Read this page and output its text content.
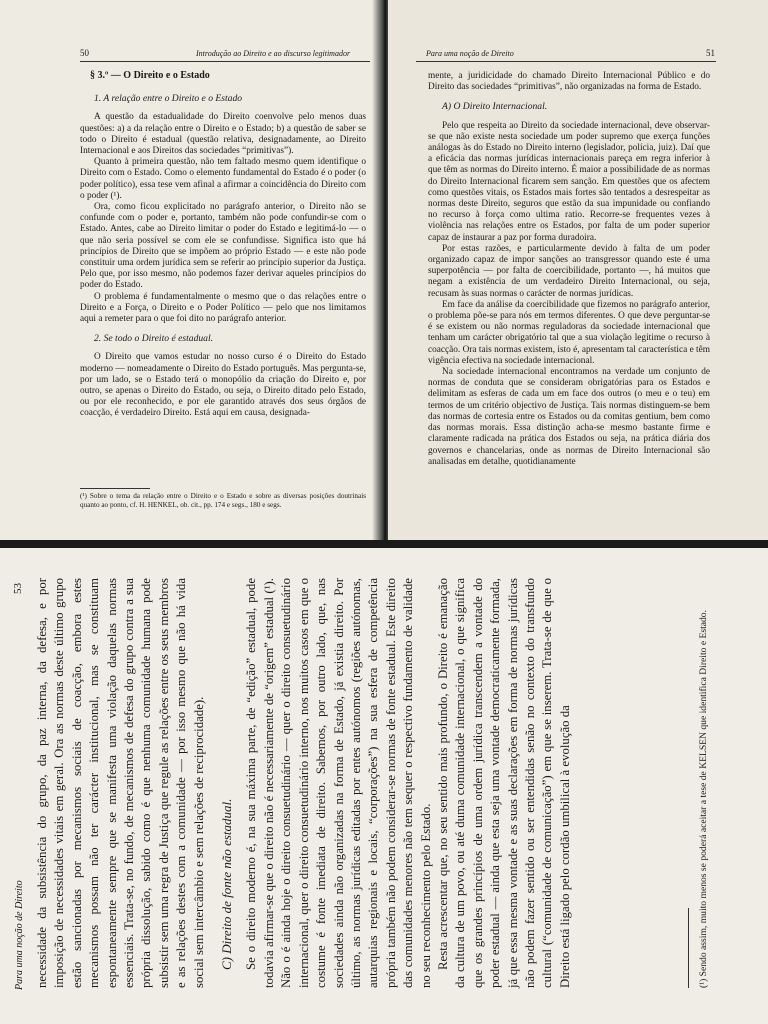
50	Introdução ao Direito e ao discurso legitimador
§ 3.º — O Direito e o Estado
1. A relação entre o Direito e o Estado

A questão da estadualidade do Direito coenvolve pelo menos duas questões: a) a da relação entre o Direito e o Estado; b) a questão de saber se todo o Direito é estadual (questão relativa, designadamente, ao Direito Internacional e aos Direitos das sociedades “primitivas”).

Quanto à primeira questão, não tem faltado mesmo quem identifique o Direito com o Estado. Como o elemento fundamental do Estado é o poder (o poder político), essa tese vem afinal a afirmar a coincidência do Direito com o poder (¹).

Ora, como ficou explicitado no parágrafo anterior, o Direito não se confunde com o poder e, portanto, também não pode confundir-se com o Estado. Antes, cabe ao Direito limitar o poder do Estado e legitimá-lo — o que não seria possível se com ele se confundisse. Significa isto que há princípios de Direito que se impõem ao próprio Estado — e este não pode constituir uma ordem jurídica sem se referir ao princípio superior da Justiça. Pelo que, por isso mesmo, não podemos fazer derivar aqueles princípios do poder do Estado.

O problema é fundamentalmente o mesmo que o das relações entre o Direito e a Força, o Direito e o Poder Político — pelo que nos limitamos aqui a remeter para o que foi dito no parágrafo anterior.

2. Se todo o Direito é estadual.

O Direito que vamos estudar no nosso curso é o Direito do Estado moderno — nomeadamente o Direito do Estado português. Mas pergunta-se, por um lado, se o Estado terá o monopólio da criação do Direito e, por outro, se apenas o Direito do Estado, ou seja, o Direito ditado pelo Estado, ou por ele reconhecido, e por ele garantido através dos seus órgãos de coacção, é verdadeiro Direito. Está aqui em causa, designada-

(¹) Sobre o tema da relação entre o Direito e o Estado e sobre as diversas posições doutrinais quanto ao ponto, cf. H. HENKEL, ob. cit., pp. 174 e segs., 180 e segs.
Para uma noção de Direito	51

mente, a juridicidade do chamado Direito Internacional Público e do Direito das sociedades “primitivas”, não organizadas na forma de Estado.

A) O Direito Internacional.

Pelo que respeita ao Direito da sociedade internacional, deve observar-se que não existe nesta sociedade um poder supremo que exerça funções análogas às do Estado no Direito interno (legislador, polícia, juiz). Daí que a eficácia das normas jurídicas internacionais pareça em regra inferior à que têm as normas do Direito interno. É maior a possibilidade de as normas do Direito Internacional ficarem sem sanção. Em questões que os afectem como questões vitais, os Estados mais fortes são tentados a desrespeitar as normas deste Direito, seguros que estão da sua impunidade ou confiando no recurso à força como ultima ratio. Recorre-se frequentes vezes à violência nas relações entre os Estados, por falta de um poder superior capaz de instaurar a paz por forma duradoira.

Por estas razões, e particularmente devido à falta de um poder organizado capaz de impor sanções ao transgressor quando este é uma superpotência — por falta de coercibilidade, portanto —, há muitos que negam a existência de um verdadeiro Direito Internacional, ou seja, recusam às suas normas o carácter de normas jurídicas.

Em face da análise da coercibilidade que fizemos no parágrafo anterior, o problema põe-se para nós em termos diferentes. O que deve perguntar-se é se existem ou não normas reguladoras da sociedade internacional que tenham um carácter obrigatório tal que a sua violação legitime o recurso à coacção. Ora tais normas existem, isto é, apresentam tal característica e têm vigência efectiva na sociedade internacional.

Na sociedade internacional encontramos na verdade um conjunto de normas de conduta que se consideram obrigatórias para os Estados e delimitam as esferas de cada um em face dos outros (o meu e o teu) em termos de um critério objectivo de Justiça. Tais normas distinguem-se bem das normas de cortesia entre os Estados ou da comitas gentium, bem como das normas morais. Essa distinção acha-se mesmo bastante firme e claramente radicada na prática dos Estados ou seja, na prática diária dos governos e chancelarias, onde as normas de Direito Internacional são analisadas em detalhe, quotidianamente

Para uma noção de Direito
53 necessidade da subsistência do grupo, da paz interna, da defesa, e por imposição de necessidades vitais em geral. Ora as normas deste último grupo estão sancionadas por mecanismos sociais de coacção, embora estes mecanismos possam não ter carácter institucional, mas se constituam espontaneamente sempre que se manifesta uma violação daquelas normas essenciais. Trata-se, no fundo, de mecanismos de defesa do grupo contra a sua própria dissolução, sabido como é que nenhuma comunidade humana pode subsistir sem uma regra de Justiça que regule as relações entre os seus membros e as relações destes com a comunidade — por isso mesmo que não há vida social sem intercâmbio e sem relações de reciprocidade). C) Direito de fonte não estadual. Se o direito moderno é, na sua máxima parte, de “edição” estadual, pode todavia afirmar-se que o direito não é necessariamente de “origem” estadual (¹). Não o é ainda hoje o direito consuetudinário — quer o direito consuetudinário internacional, quer o direito consuetudinário interno, nos muitos casos em que o costume é fonte imediata de direito. Sabemos, por outro lado, que, nas sociedades ainda não organizadas na forma de Estado, já existia direito. Por último, as normas jurídicas editadas por entes autónomos (regiões autónomas, autarquias regionais e locais, “corporações”) na sua esfera de competência própria também não podem considerar-se normas de fonte estadual. Este direito das comunidades menores não tem sequer o respectivo fundamento de validade no seu reconhecimento pelo Estado. Resta acrescentar que, no seu sentido mais profundo, o Direito é emanação da cultura de um povo, ou até duma comunidade internacional, o que significa que os grandes princípios de uma ordem jurídica transcendem a vontade do poder estadual — ainda que esta seja uma vontade democraticamente formada, já que essa mesma vontade e as suas declarações em forma de normas jurídicas não podem fazer sentido ou ser entendidas senão no contexto do transfundo cultural (“comunidade de comunicação”) em que se inserem. Trata-se de que o Direito está ligado pelo cordão umbilical à evolução da	(¹) Sendo assim, muito menos se poderá aceitar a tese de KELSEN que identifica Direito e Estado.
